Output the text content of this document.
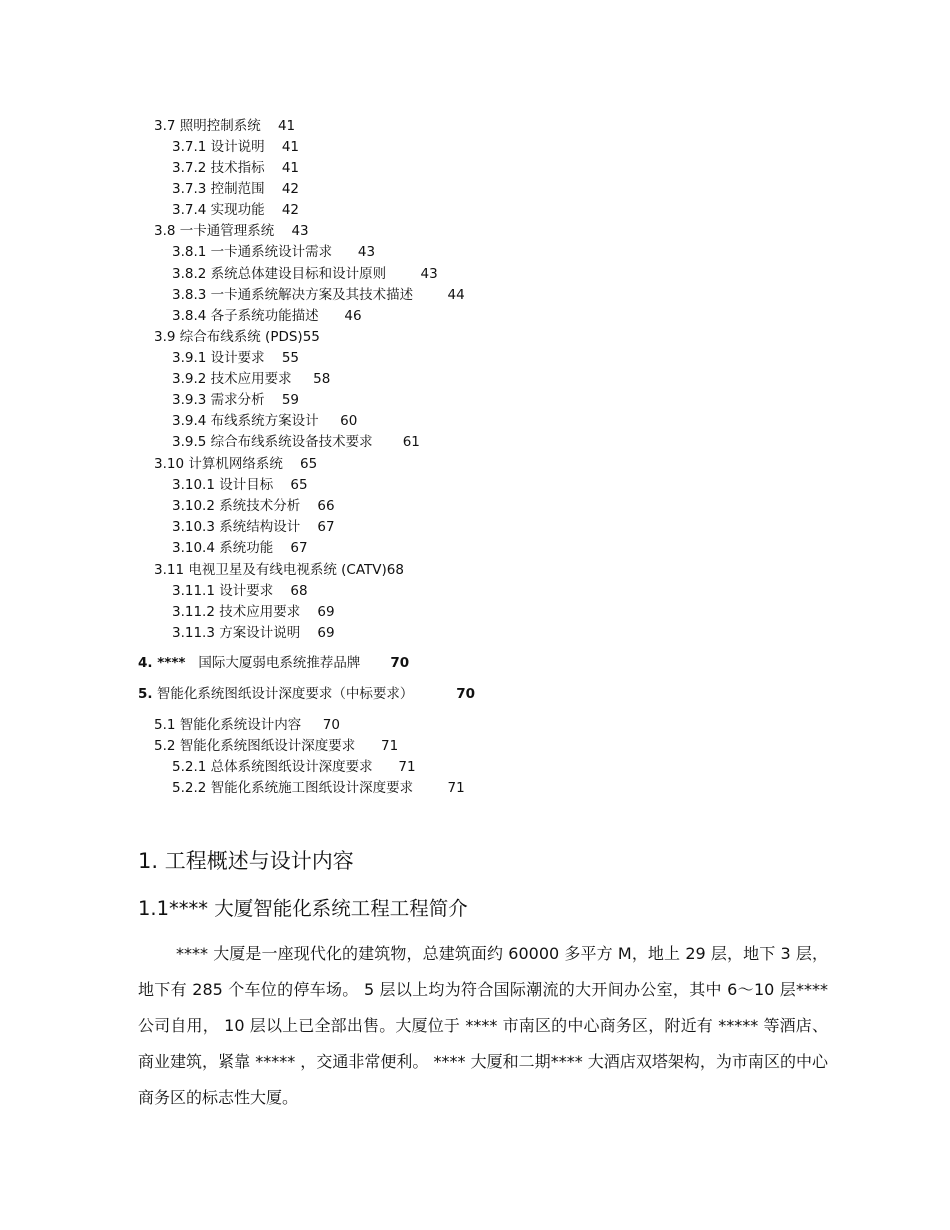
3.7 照明控制系统 41
3.7.1 设计说明 41
3.7.2 技术指标 41
3.7.3 控制范围 42
3.7.4 实现功能 42
3.8 一卡通管理系统 43
3.8.1 一卡通系统设计需求 43
3.8.2 系统总体建设目标和设计原则	43
3.8.3 一卡通系统解决方案及其技术描述	44
3.8.4 各子系统功能描述 46
3.9 综合布线系统 (PDS)55
3.9.1 设计要求 55
3.9.2 技术应用要求 58
3.9.3 需求分析 59
3.9.4 布线系统方案设计 60
3.9.5 综合布线系统设备技术要求 61
3.10 计算机网络系统 65
3.10.1 设计目标 65
3.10.2 系统技术分析 66
3.10.3 系统结构设计 67
3.10.4 系统功能 67
3.11 电视卫星及有线电视系统 (CATV)68
3.11.1 设计要求 68
3.11.2 技术应用要求 69
3.11.3 方案设计说明 69
4. **** 国际大厦弱电系统推荐品牌 70
5. 智能化系统图纸设计深度要求（中标要求）	70
5.1 智能化系统设计内容 70
5.2 智能化系统图纸设计深度要求 71
5.2.1 总体系统图纸设计深度要求 71
5.2.2 智能化系统施工图纸设计深度要求	71
1. 工程概述与设计内容
1.1**** 大厦智能化系统工程工程简介
**** 大厦是一座现代化的建筑物，总建筑面约 60000 多平方 M，地上 29 层，地下 3 层，地下有 285 个车位的停车场。 5 层以上均为符合国际潮流的大开间办公室，其中 6～10 层**** 公司自用， 10 层以上已全部出售。大厦位于 **** 市南区的中心商务区，附近有 ***** 等酒店、商业建筑，紧靠 ***** ，交通非常便利。 **** 大厦和二期**** 大酒店双塔架构，为市南区的中心商务区的标志性大厦。
